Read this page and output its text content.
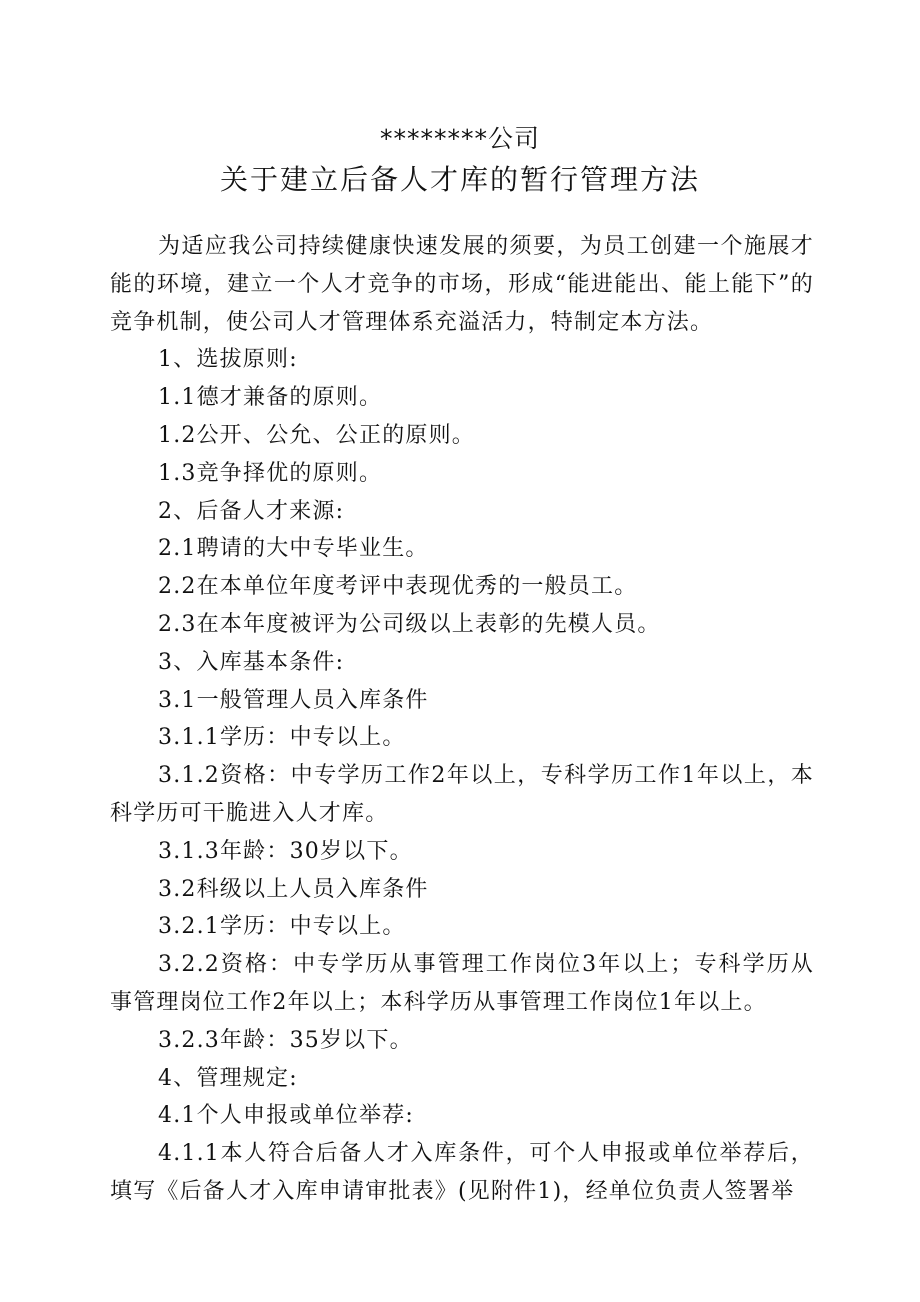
********公司
关于建立后备人才库的暂行管理方法

为适应我公司持续健康快速发展的须要，为员工创建一个施展才能的环境，建立一个人才竞争的市场，形成“能进能出、能上能下”的竞争机制，使公司人才管理体系充溢活力，特制定本方法。

1、选拔原则:

1.1德才兼备的原则。

1.2公开、公允、公正的原则。

1.3竞争择优的原则。

2、后备人才来源:

2.1聘请的大中专毕业生。

2.2在本单位年度考评中表现优秀的一般员工。

2.3在本年度被评为公司级以上表彰的先模人员。

3、入库基本条件:

3.1一般管理人员入库条件

3.1.1学历：中专以上。

3.1.2资格：中专学历工作2年以上，专科学历工作1年以上，本科学历可干脆进入人才库。

3.1.3年龄：30岁以下。

3.2科级以上人员入库条件

3.2.1学历：中专以上。

3.2.2资格：中专学历从事管理工作岗位3年以上；专科学历从事管理岗位工作2年以上；本科学历从事管理工作岗位1年以上。

3.2.3年龄：35岁以下。

4、管理规定:

4.1个人申报或单位举荐:

4.1.1本人符合后备人才入库条件，可个人申报或单位举荐后，填写《后备人才入库申请审批表》(见附件1)，经单位负责人签署举
